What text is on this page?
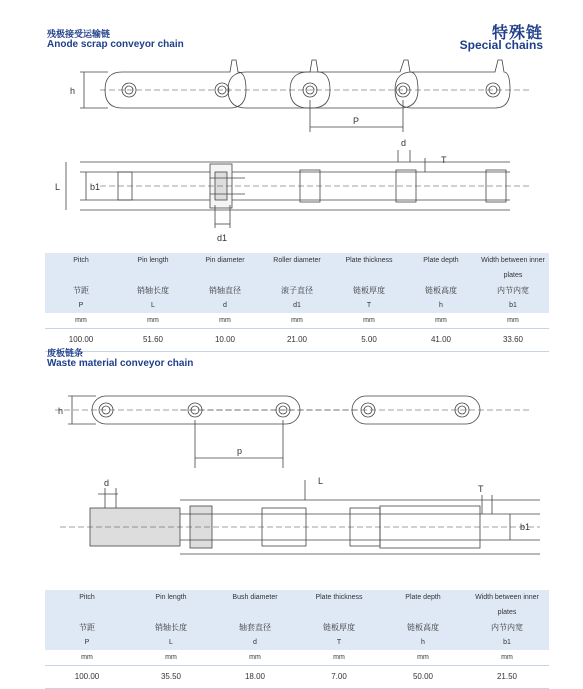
残极接受运输链
Anode scrap conveyor chain
特殊链
Special chains
h
P
L	b1
d
T
d1
Pitch	Pin length	Pin diameter	Roller diameter	Plate thickness	Plate depth	Width between inner plates
节距	销轴长度	销轴直径	滚子直径	链板厚度	链板高度	内节内宽
P	L	d	d1	T	h	b1
mm	mm	mm	mm	mm	mm	mm
100.00	51.60	10.00	21.00	5.00	41.00	33.60
废板链条
Waste material conveyor chain
h
p
d	L
T
b1
Pitch	Pin length	Bush diameter	Plate thickness	Plate depth	Width between inner plates
节距	销轴长度	轴套直径	链板厚度	链板高度	内节内宽
P	L	d	T	h	b1
mm	mm	mm	mm	mm	mm
100.00	35.50	18.00	7.00	50.00	21.50
